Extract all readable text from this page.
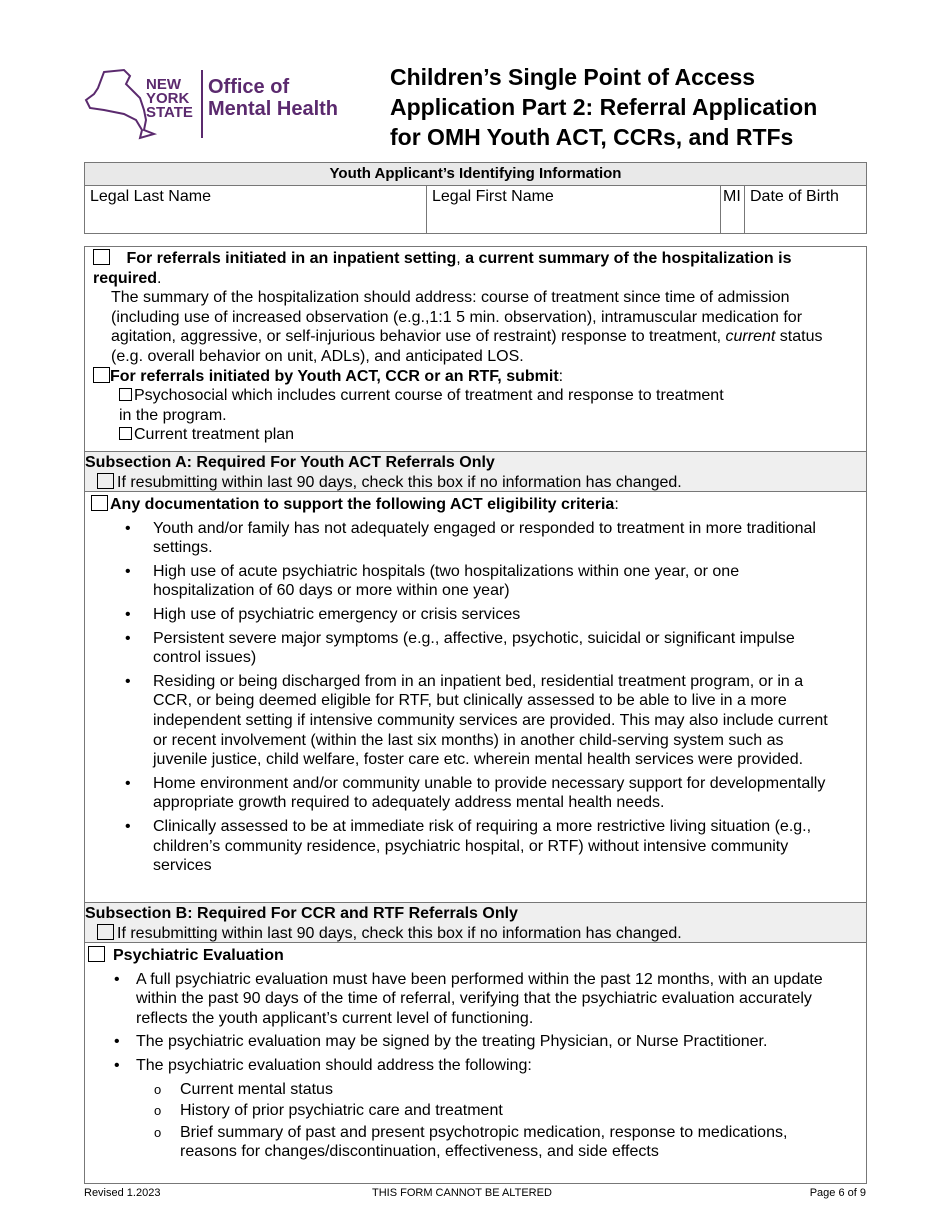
NEW
YORK
STATE
Office of
Mental Health
Children’s Single Point of Access
Application Part 2: Referral Application
for OMH Youth ACT, CCRs, and RTFs
Youth Applicant’s Identifying Information
Legal Last Name	Legal First Name	MI	Date of Birth
For referrals initiated in an inpatient setting, a current summary of the hospitalization is required.
The summary of the hospitalization should address: course of treatment since time of admission (including use of increased observation (e.g.,1:1 5 min. observation), intramuscular medication for agitation, aggressive, or self-injurious behavior use of restraint) response to treatment, current status (e.g. overall behavior on unit, ADLs), and anticipated LOS.
For referrals initiated by Youth ACT, CCR or an RTF, submit:
Psychosocial which includes current course of treatment and response to treatment in the program.
Current treatment plan
Subsection A: Required For Youth ACT Referrals Only
If resubmitting within last 90 days, check this box if no information has changed.
Any documentation to support the following ACT eligibility criteria:
• Youth and/or family has not adequately engaged or responded to treatment in more traditional settings.
• High use of acute psychiatric hospitals (two hospitalizations within one year, or one hospitalization of 60 days or more within one year)
• High use of psychiatric emergency or crisis services
• Persistent severe major symptoms (e.g., affective, psychotic, suicidal or significant impulse control issues)
• Residing or being discharged from in an inpatient bed, residential treatment program, or in a CCR, or being deemed eligible for RTF, but clinically assessed to be able to live in a more independent setting if intensive community services are provided. This may also include current or recent involvement (within the last six months) in another child-serving system such as juvenile justice, child welfare, foster care etc. wherein mental health services were provided.
• Home environment and/or community unable to provide necessary support for developmentally appropriate growth required to adequately address mental health needs.
• Clinically assessed to be at immediate risk of requiring a more restrictive living situation (e.g., children’s community residence, psychiatric hospital, or RTF) without intensive community services
Subsection B: Required For CCR and RTF Referrals Only
If resubmitting within last 90 days, check this box if no information has changed.
Psychiatric Evaluation
• A full psychiatric evaluation must have been performed within the past 12 months, with an update within the past 90 days of the time of referral, verifying that the psychiatric evaluation accurately reflects the youth applicant’s current level of functioning.
• The psychiatric evaluation may be signed by the treating Physician, or Nurse Practitioner.
• The psychiatric evaluation should address the following:
o Current mental status
o History of prior psychiatric care and treatment
o Brief summary of past and present psychotropic medication, response to medications, reasons for changes/discontinuation, effectiveness, and side effects
Revised 1.2023	THIS FORM CANNOT BE ALTERED	Page 6 of 9
